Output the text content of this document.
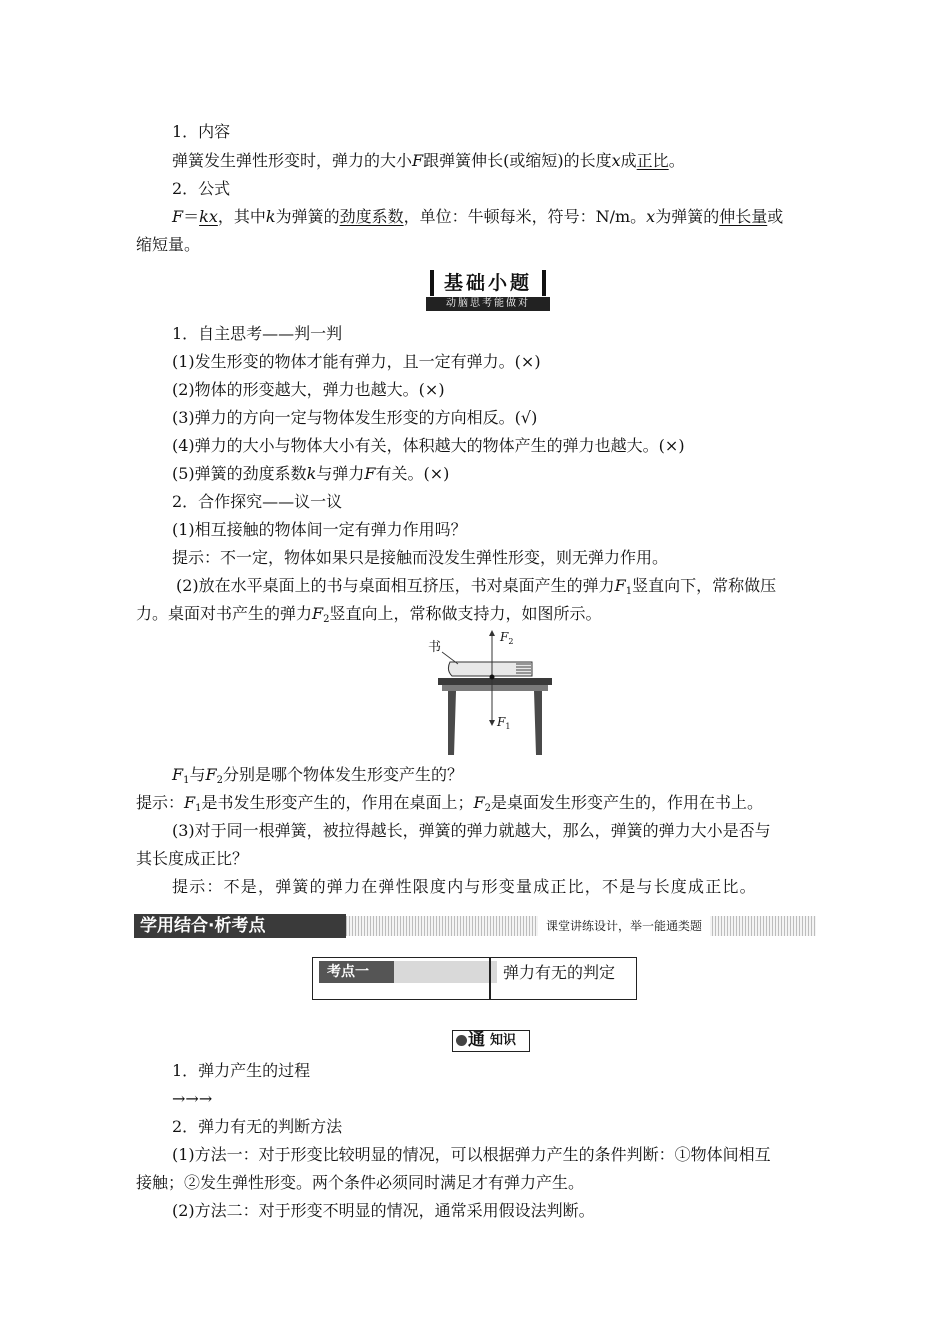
1．内容
弹簧发生弹性形变时，弹力的大小F跟弹簧伸长(或缩短)的长度x成正比。
2．公式
F＝kx，其中k为弹簧的劲度系数，单位：牛顿每米，符号：N/m。x为弹簧的伸长量或
缩短量。
基础小题
动脑思考能做对
1．自主思考——判一判
(1)发生形变的物体才能有弹力，且一定有弹力。(×)
(2)物体的形变越大，弹力也越大。(×)
(3)弹力的方向一定与物体发生形变的方向相反。(√)
(4)弹力的大小与物体大小有关，体积越大的物体产生的弹力也越大。(×)
(5)弹簧的劲度系数k与弹力F有关。(×)
2．合作探究——议一议
(1)相互接触的物体间一定有弹力作用吗？
提示：不一定，物体如果只是接触而没发生弹性形变，则无弹力作用。
(2)放在水平桌面上的书与桌面相互挤压，书对桌面产生的弹力$F_1$竖直向下，常称做压
力。桌面对书产生的弹力$F_2$竖直向上，常称做支持力，如图所示。
书
$F_2$
$F_1$
$F_1$与$F_2$分别是哪个物体发生形变产生的？
提示：$F_1$是书发生形变产生的，作用在桌面上；$F_2$是桌面发生形变产生的，作用在书上。
(3)对于同一根弹簧，被拉得越长，弹簧的弹力就越大，那么，弹簧的弹力大小是否与
其长度成正比？
提示：不是，弹簧的弹力在弹性限度内与形变量成正比，不是与长度成正比。
学用结合·析考点	课堂讲练设计，举一能通类题
考点一	弹力有无的判定
通 知识
1．弹力产生的过程
→→→
2．弹力有无的判断方法
(1)方法一：对于形变比较明显的情况，可以根据弹力产生的条件判断：①物体间相互
接触；②发生弹性形变。两个条件必须同时满足才有弹力产生。
(2)方法二：对于形变不明显的情况，通常采用假设法判断。
